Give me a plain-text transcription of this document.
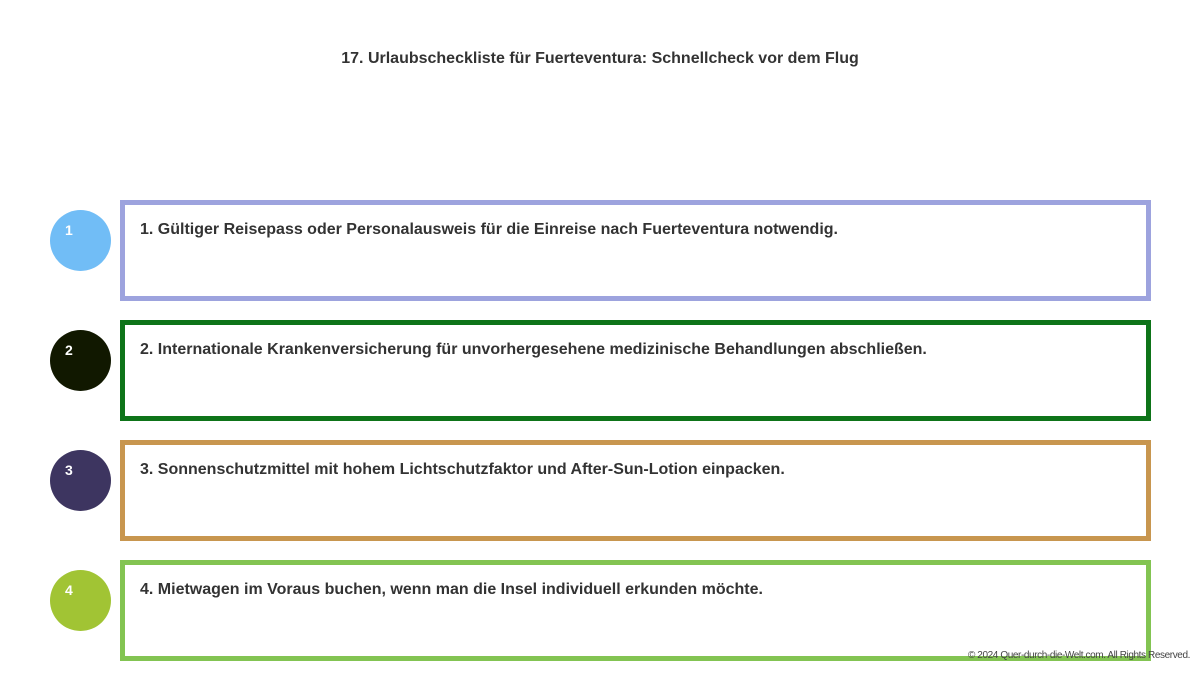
17. Urlaubscheckliste für Fuerteventura: Schnellcheck vor dem Flug
1	1. Gültiger Reisepass oder Personalausweis für die Einreise nach Fuerteventura notwendig.
2	2. Internationale Krankenversicherung für unvorhergesehene medizinische Behandlungen abschließen.
3	3. Sonnenschutzmittel mit hohem Lichtschutzfaktor und After-Sun-Lotion einpacken.
4	4. Mietwagen im Voraus buchen, wenn man die Insel individuell erkunden möchte.
© 2024 Quer-durch-die-Welt.com. All Rights Reserved.
